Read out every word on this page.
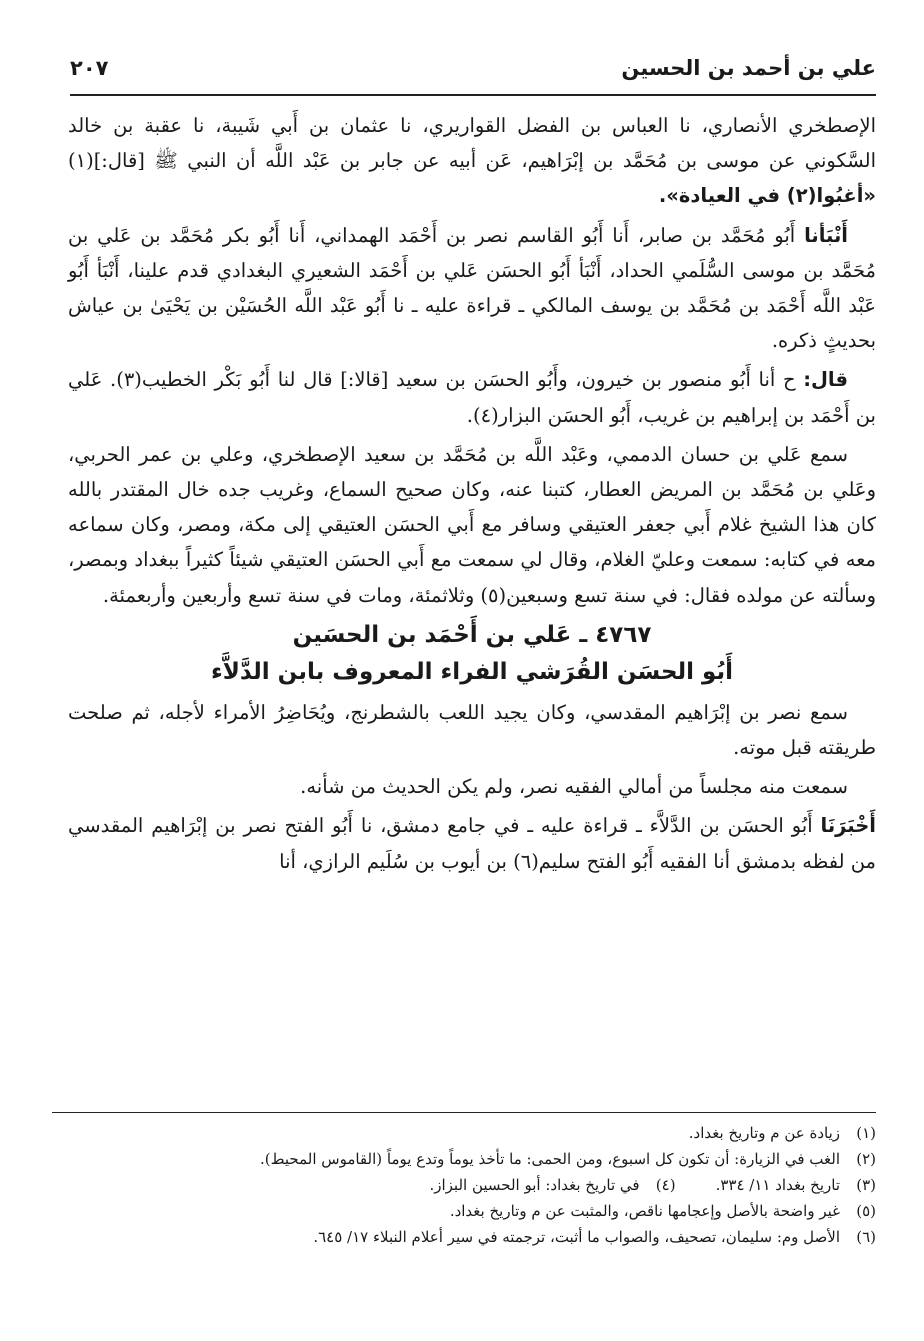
علي بن أحمد بن الحسين
٢٠٧

الإصطخري الأنصاري، نا العباس بن الفضل القواريري، نا عثمان بن أَبي شَيبة، نا عقبة بن خالد السَّكوني عن موسى بن مُحَمَّد بن إبْرَاهيم، عَن أبيه عن جابر بن عَبْد اللَّه أن النبي ﷺ [قال:](١) «أغبُوا(٢) في العيادة».

أَنْبَأنا أَبُو مُحَمَّد بن صابر، أَنا أَبُو القاسم نصر بن أَحْمَد الهمداني، أَنا أَبُو بكر مُحَمَّد بن عَلي بن مُحَمَّد بن موسى السُّلَمي الحداد، أَنْبَأ أَبُو الحسَن عَلي بن أَحْمَد الشعيري البغدادي قدم علينا، أَنْبَأ أَبُو عَبْد اللَّه أَحْمَد بن مُحَمَّد بن يوسف المالكي ـ قراءة عليه ـ نا أَبُو عَبْد اللَّه الحُسَيْن بن يَحْيَىٰ بن عياش بحديثٍ ذكره.

قال: ح أنا أَبُو منصور بن خيرون، وأَبُو الحسَن بن سعيد [قالا:] قال لنا أَبُو بَكْر الخطيب(٣). عَلي بن أَحْمَد بن إبراهيم بن غريب، أَبُو الحسَن البزار(٤).

سمع عَلي بن حسان الدممي، وعَبْد اللَّه بن مُحَمَّد بن سعيد الإصطخري، وعلي بن عمر الحربي، وعَلي بن مُحَمَّد بن المريض العطار، كتبنا عنه، وكان صحيح السماع، وغريب جده خال المقتدر بالله كان هذا الشيخ غلام أَبي جعفر العتيقي وسافر مع أَبي الحسَن العتيقي إلى مكة، ومصر، وكان سماعه معه في كتابه: سمعت وعليّ الغلام، وقال لي سمعت مع أَبي الحسَن العتيقي شيئاً كثيراً ببغداد وبمصر، وسألته عن مولده فقال: في سنة تسع وسبعين(٥) وثلاثمئة، ومات في سنة تسع وأربعين وأربعمئة.

٤٧٦٧ ـ عَلي بن أَحْمَد بن الحسَين
أَبُو الحسَن القُرَشي الفراء المعروف بابن الدَّلاَّء

سمع نصر بن إبْرَاهيم المقدسي، وكان يجيد اللعب بالشطرنج، ويُحَاضِرُ الأمراء لأجله، ثم صلحت طريقته قبل موته.

سمعت منه مجلساً من أمالي الفقيه نصر، ولم يكن الحديث من شأنه.

أَخْبَرَنَا أَبُو الحسَن بن الدَّلاَّء ـ قراءة عليه ـ في جامع دمشق، نا أَبُو الفتح نصر بن إبْرَاهيم المقدسي من لفظه بدمشق أنا الفقيه أَبُو الفتح سليم(٦) بن أيوب بن سُلَيم الرازي، أنا

(١)
زيادة عن م وتاريخ بغداد.
(٢)
الغب في الزيارة: أن تكون كل اسبوع، ومن الحمى: ما تأخذ يوماً وتدع يوماً (القاموس المحيط).
(٣)
تاريخ بغداد ١١/ ٣٣٤.
(٤)
في تاريخ بغداد: أبو الحسين البزاز.
(٥)
غير واضحة بالأصل وإعجامها ناقص، والمثبت عن م وتاريخ بغداد.
(٦)
الأصل وم: سليمان، تصحيف، والصواب ما أثبت، ترجمته في سير أعلام النبلاء ١٧/ ٦٤٥.
